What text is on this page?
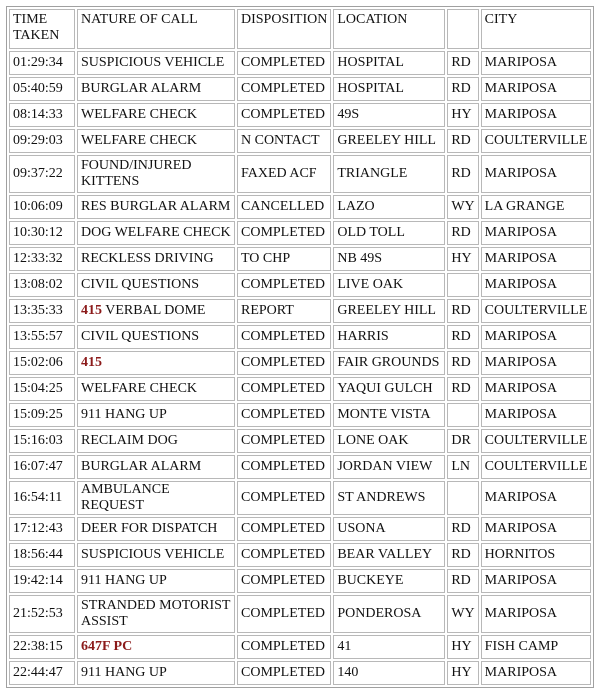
TIME TAKEN	NATURE OF CALL	DISPOSITION	LOCATION		CITY
01:29:34	SUSPICIOUS VEHICLE	COMPLETED	HOSPITAL	RD	MARIPOSA
05:40:59	BURGLAR ALARM	COMPLETED	HOSPITAL	RD	MARIPOSA
08:14:33	WELFARE CHECK	COMPLETED	49S	HY	MARIPOSA
09:29:03	WELFARE CHECK	N CONTACT	GREELEY HILL	RD	COULTERVILLE
09:37:22	FOUND/INJURED KITTENS	FAXED ACF	TRIANGLE	RD	MARIPOSA
10:06:09	RES BURGLAR ALARM	CANCELLED	LAZO	WY	LA GRANGE
10:30:12	DOG WELFARE CHECK	COMPLETED	OLD TOLL	RD	MARIPOSA
12:33:32	RECKLESS DRIVING	TO CHP	NB 49S	HY	MARIPOSA
13:08:02	CIVIL QUESTIONS	COMPLETED	LIVE OAK		MARIPOSA
13:35:33	415 VERBAL DOME	REPORT	GREELEY HILL	RD	COULTERVILLE
13:55:57	CIVIL QUESTIONS	COMPLETED	HARRIS	RD	MARIPOSA
15:02:06	415	COMPLETED	FAIR GROUNDS	RD	MARIPOSA
15:04:25	WELFARE CHECK	COMPLETED	YAQUI GULCH	RD	MARIPOSA
15:09:25	911 HANG UP	COMPLETED	MONTE VISTA		MARIPOSA
15:16:03	RECLAIM DOG	COMPLETED	LONE OAK	DR	COULTERVILLE
16:07:47	BURGLAR ALARM	COMPLETED	JORDAN VIEW	LN	COULTERVILLE
16:54:11	AMBULANCE REQUEST	COMPLETED	ST ANDREWS		MARIPOSA
17:12:43	DEER FOR DISPATCH	COMPLETED	USONA	RD	MARIPOSA
18:56:44	SUSPICIOUS VEHICLE	COMPLETED	BEAR VALLEY	RD	HORNITOS
19:42:14	911 HANG UP	COMPLETED	BUCKEYE	RD	MARIPOSA
21:52:53	STRANDED MOTORIST ASSIST	COMPLETED	PONDEROSA	WY	MARIPOSA
22:38:15	647F PC	COMPLETED	41	HY	FISH CAMP
22:44:47	911 HANG UP	COMPLETED	140	HY	MARIPOSA
